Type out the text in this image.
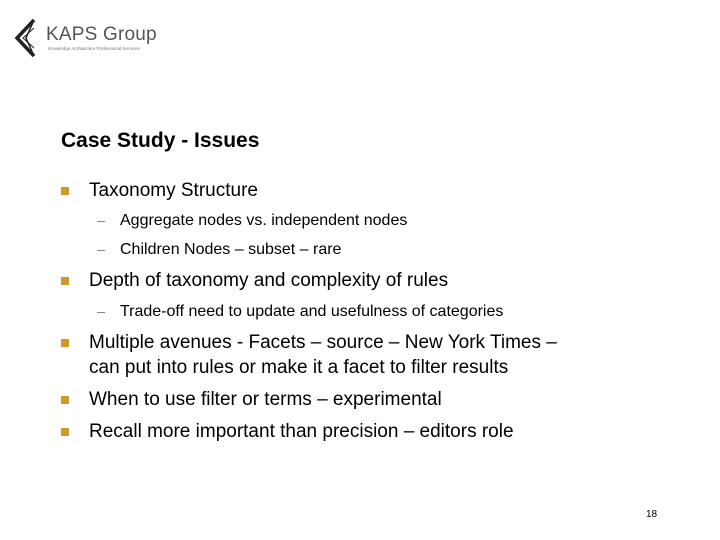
KAPS Group
Knowledge Architecture Professional Services
Case Study - Issues
Taxonomy Structure
Aggregate nodes vs. independent nodes
Children Nodes – subset – rare
Depth of taxonomy and complexity of rules
Trade-off need to update and usefulness of categories
Multiple avenues - Facets – source – New York Times –
can put into rules or make it a facet to filter results
When to use filter or terms – experimental
Recall more important than precision – editors role
18
